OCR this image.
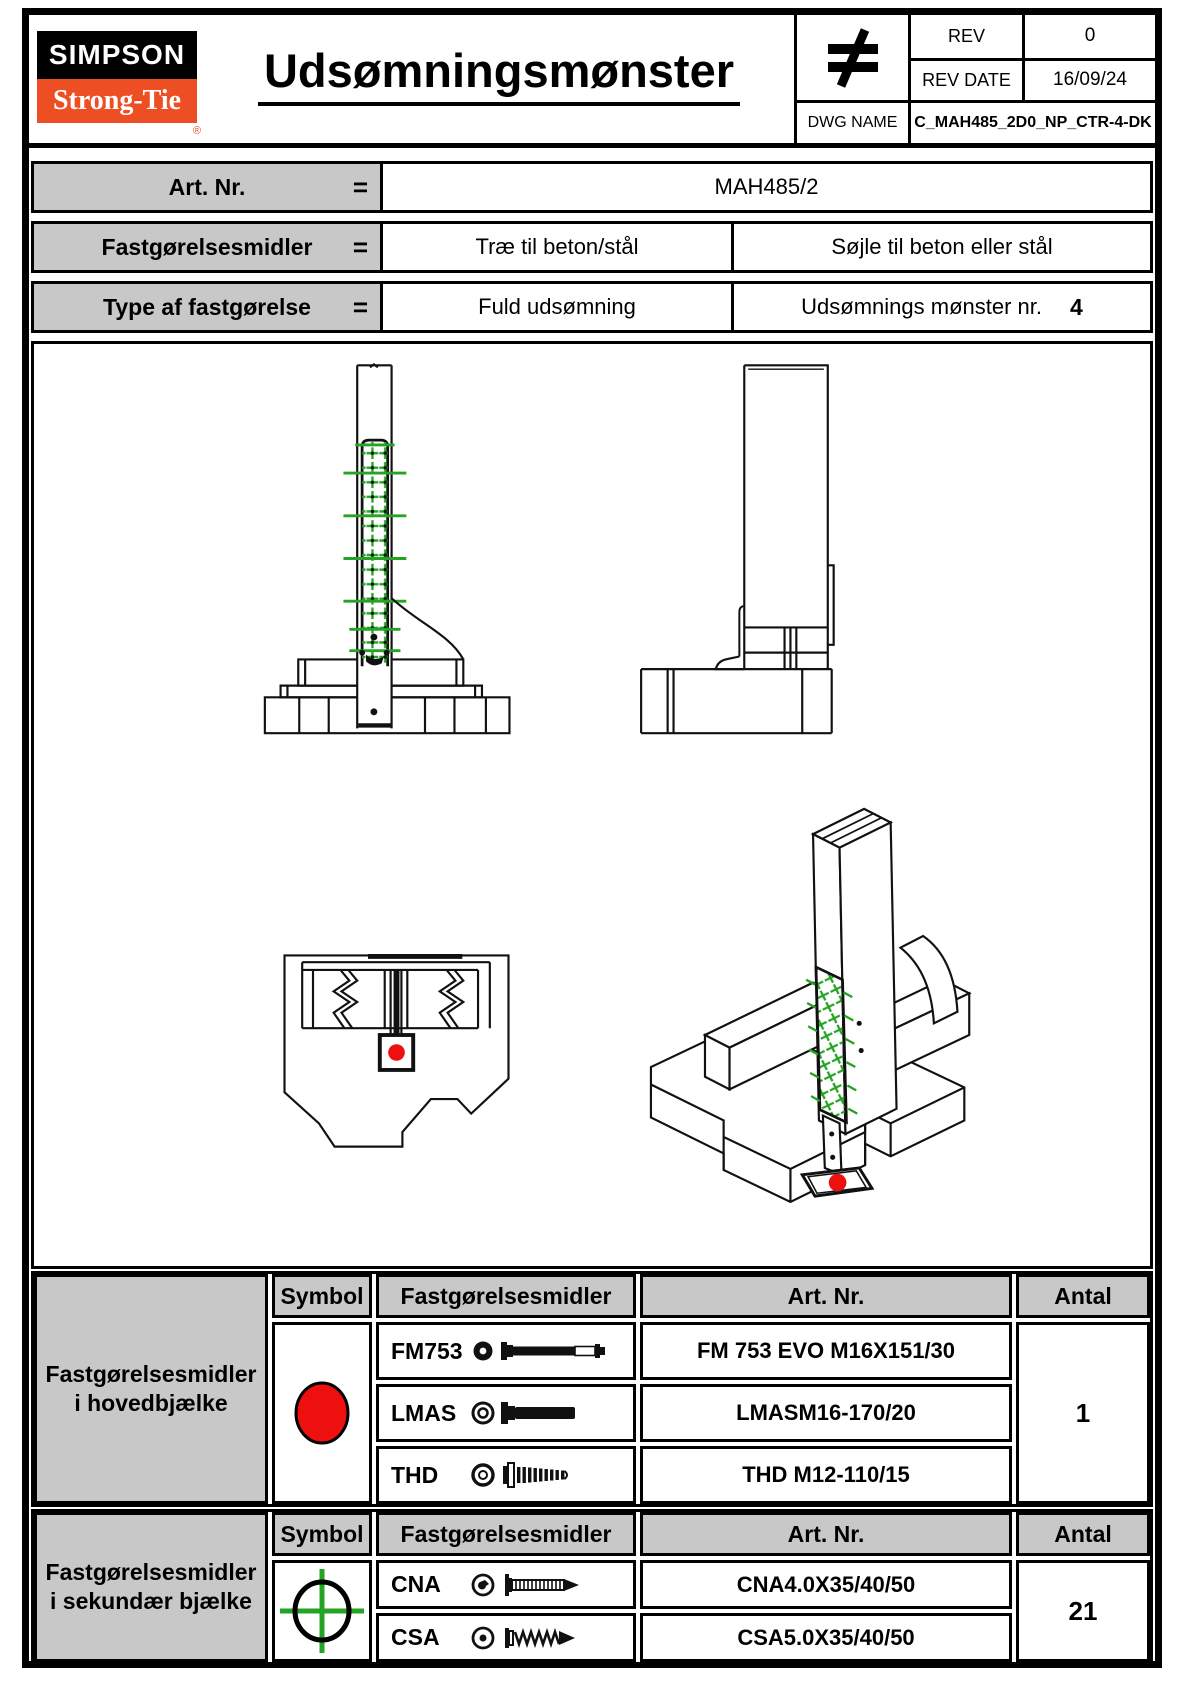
SIMPSON
Strong-Tie
®
Udsømningsmønster
REV	0
REV DATE	16/09/24
DWG NAME	C_MAH485_2D0_NP_CTR-4-DK
Art. Nr.	=	MAH485/2
Fastgørelsesmidler =	Træ til beton/stål	Søjle til beton eller stål
Type af fastgørelse =	Fuld udsømning	Udsømnings mønster nr. 4
Fastgørelsesmidler
i hovedbjælke
Symbol	Fastgørelsesmidler	Art. Nr.	Antal
FM753	FM 753 EVO M16X151/30
LMAS	LMASM16-170/20
THD	THD M12-110/15
1
Fastgørelsesmidler
i sekundær bjælke
Symbol	Fastgørelsesmidler	Art. Nr.	Antal
CNA	CNA4.0X35/40/50
CSA	CSA5.0X35/40/50
21
